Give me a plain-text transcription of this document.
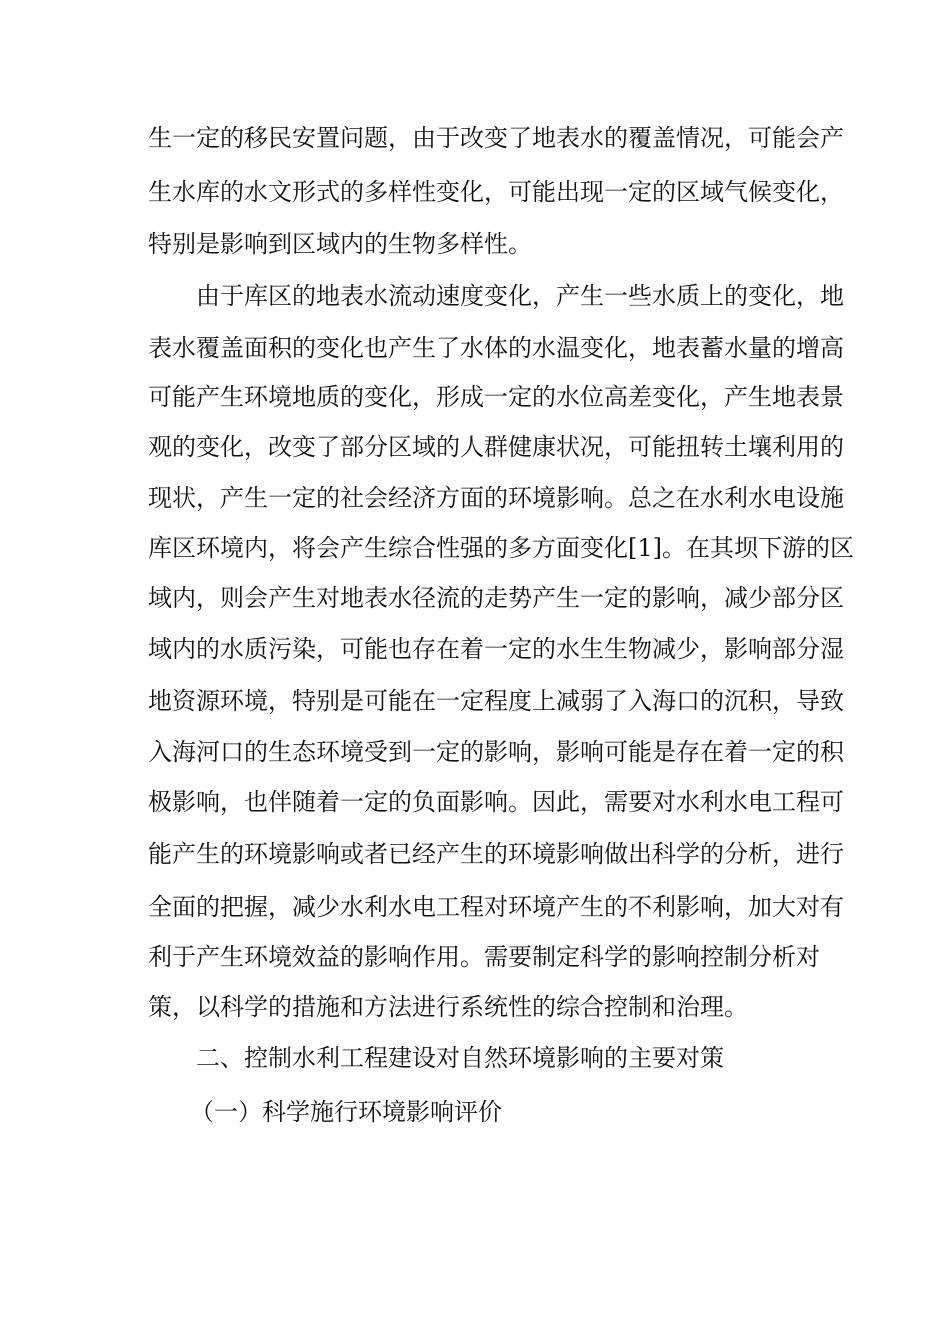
生一定的移民安置问题，由于改变了地表水的覆盖情况，可能会产
生水库的水文形式的多样性变化，可能出现一定的区域气候变化，
特别是影响到区域内的生物多样性。
由于库区的地表水流动速度变化，产生一些水质上的变化，地
表水覆盖面积的变化也产生了水体的水温变化，地表蓄水量的增高
可能产生环境地质的变化，形成一定的水位高差变化，产生地表景
观的变化，改变了部分区域的人群健康状况，可能扭转土壤利用的
现状，产生一定的社会经济方面的环境影响。总之在水利水电设施
库区环境内，将会产生综合性强的多方面变化[1]。在其坝下游的区
域内，则会产生对地表水径流的走势产生一定的影响，减少部分区
域内的水质污染，可能也存在着一定的水生生物减少，影响部分湿
地资源环境，特别是可能在一定程度上减弱了入海口的沉积，导致
入海河口的生态环境受到一定的影响，影响可能是存在着一定的积
极影响，也伴随着一定的负面影响。因此，需要对水利水电工程可
能产生的环境影响或者已经产生的环境影响做出科学的分析，进行
全面的把握，减少水利水电工程对环境产生的不利影响，加大对有
利于产生环境效益的影响作用。需要制定科学的影响控制分析对
策，以科学的措施和方法进行系统性的综合控制和治理。
二、控制水利工程建设对自然环境影响的主要对策
（一）科学施行环境影响评价
